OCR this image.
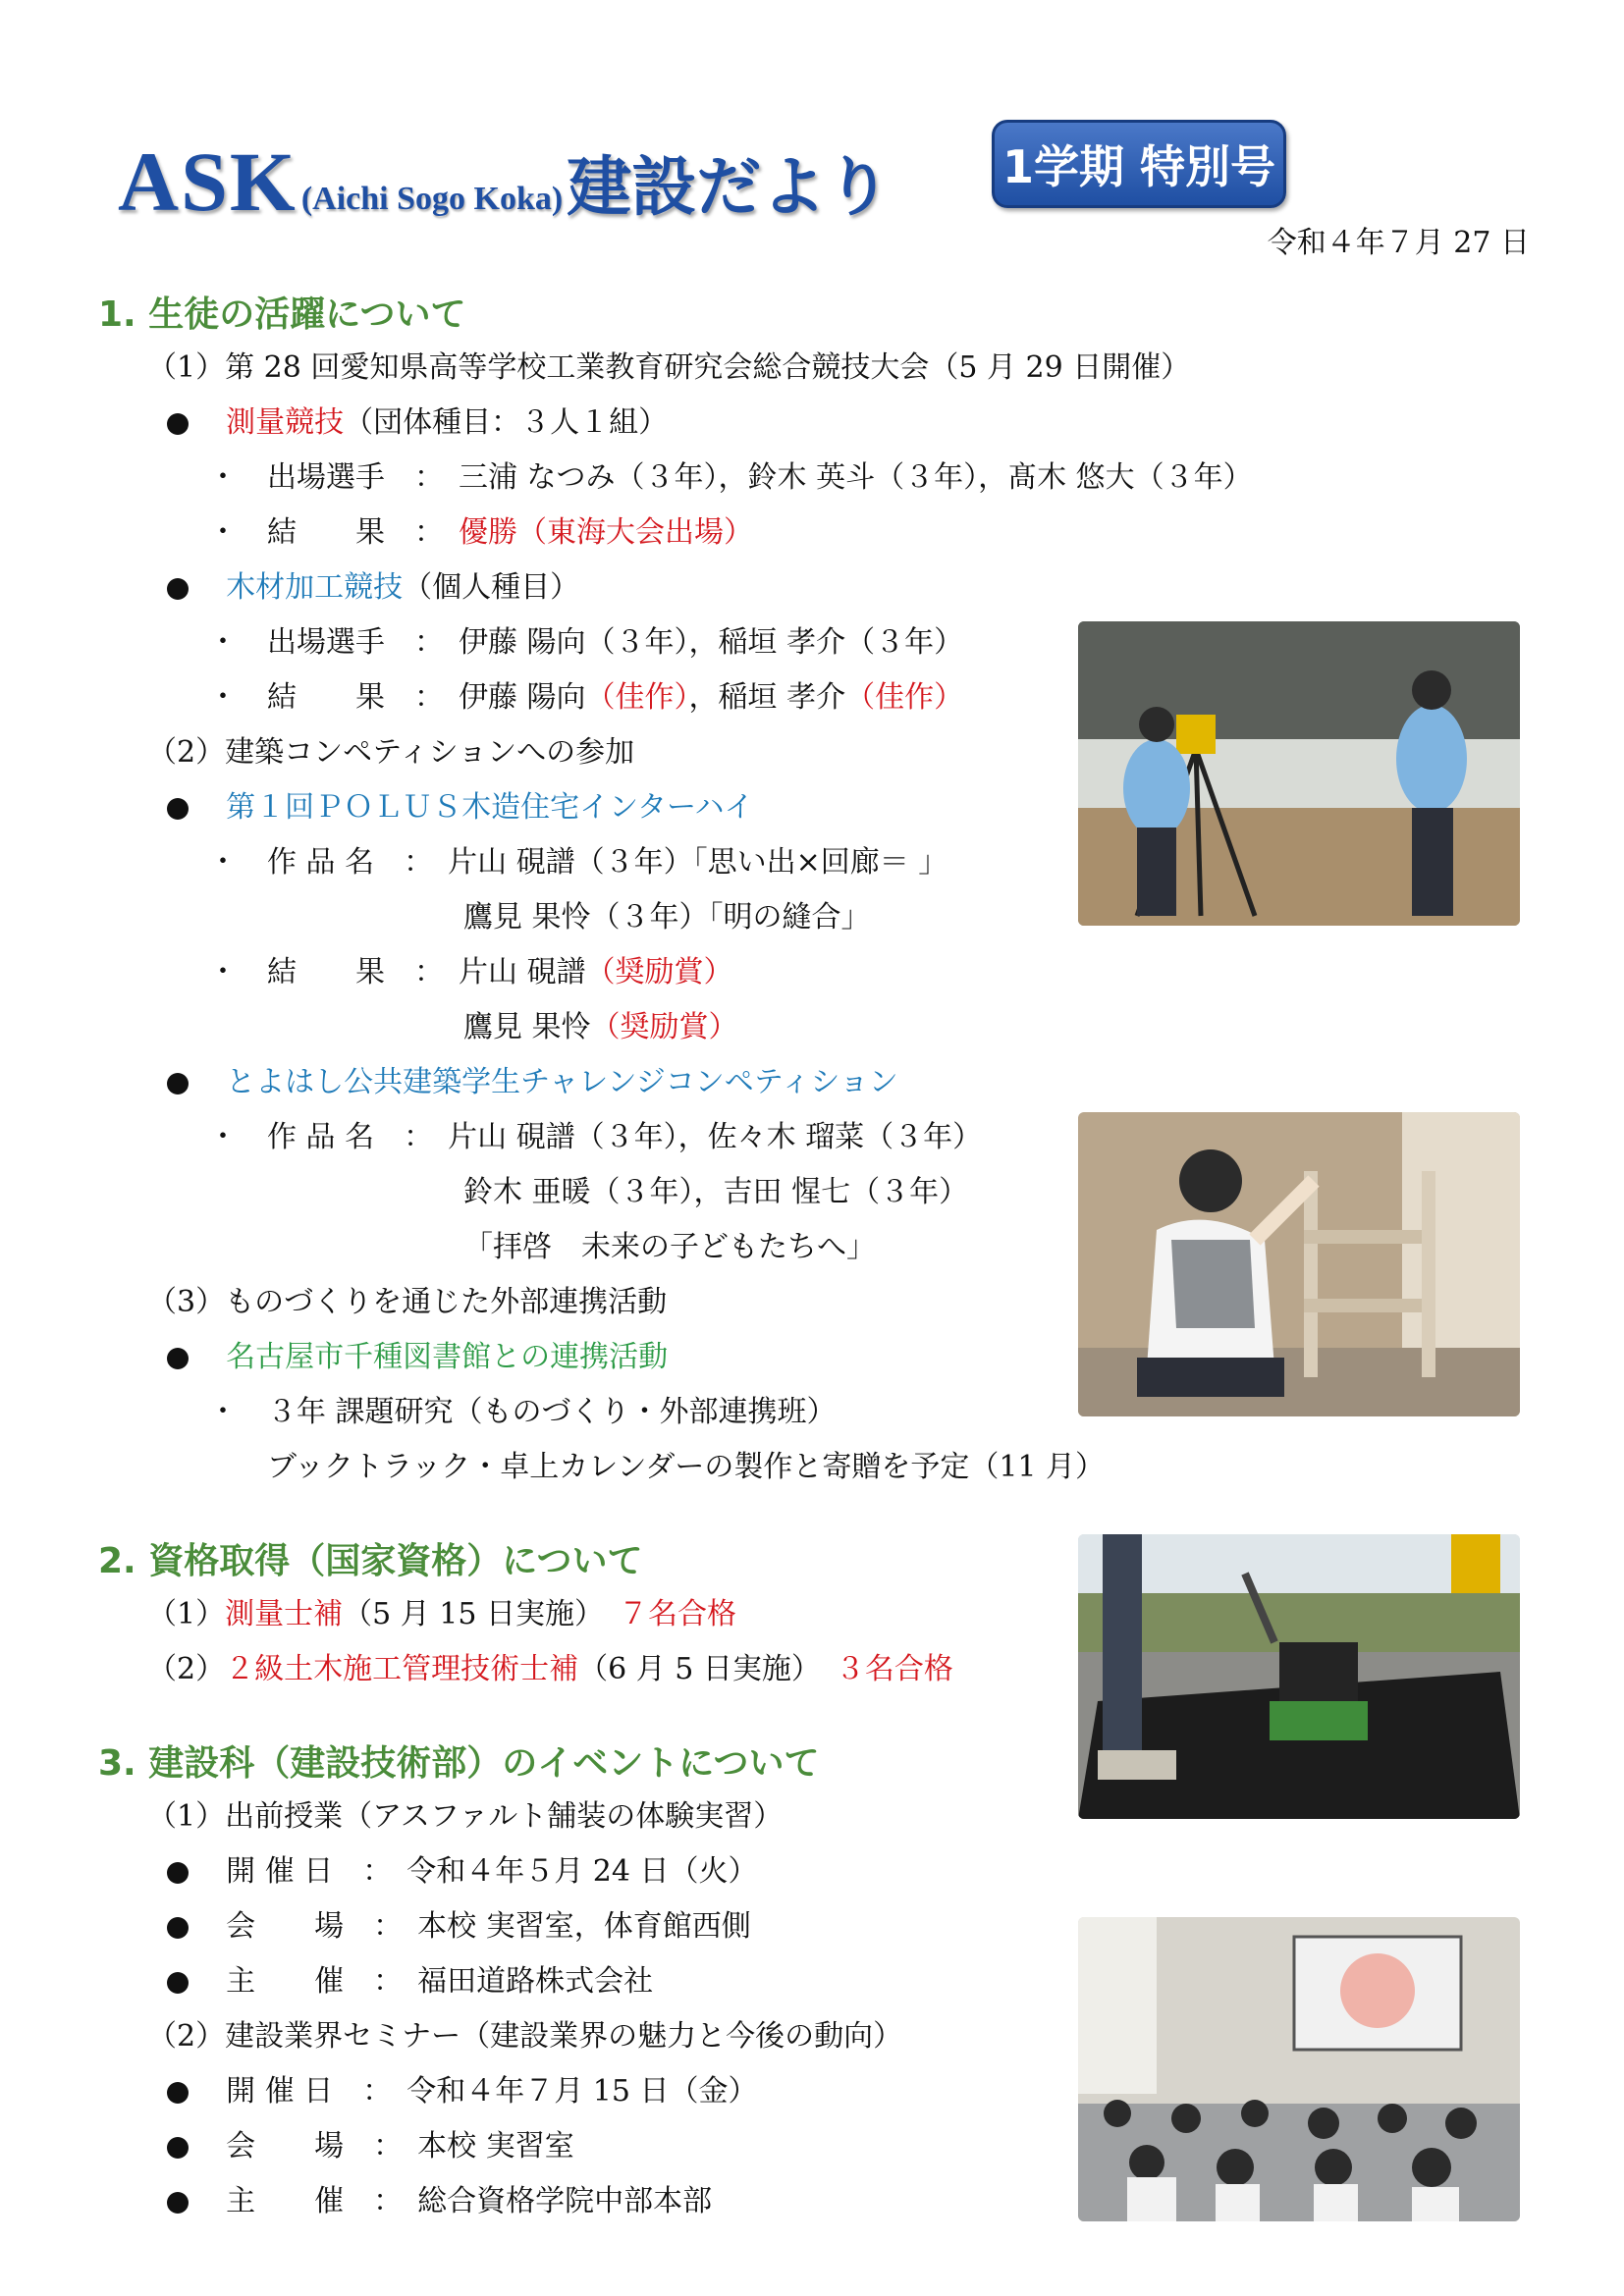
ASK (Aichi Sogo Koka) 建設だより 1学期 特別号
令和４年７月 27 日
1. 生徒の活躍について
（1）第 28 回愛知県高等学校工業教育研究会総合競技大会（5 月 29 日開催）
測量競技（団体種目：３人１組）
・　出場選手　：　三浦 なつみ（３年），鈴木 英斗（３年），髙木 悠大（３年）
・　結　　果　：　 優勝（東海大会出場）
木材加工競技（個人種目）
・　出場選手　：　伊藤 陽向（３年），稲垣 孝介（３年）
・　結　　果　：　伊藤 陽向（佳作），稲垣 孝介（佳作）
（2）建築コンペティションへの参加
第１回ＰＯＬＵＳ木造住宅インターハイ
・　作 品 名　：　片山 硯譜（３年）「思い出×回廊＝ 」
鷹見 果怜（３年）「明の縫合」
・　結　　果　：　片山 硯譜（奨励賞）
鷹見 果怜（奨励賞）
とよはし公共建築学生チャレンジコンペティション
・　作 品 名　：　片山 硯譜（３年），佐々木 瑠菜（３年）
鈴木 亜暖（３年），吉田 惺七（３年）
「拝啓　未来の子どもたちへ」
（3）ものづくりを通じた外部連携活動
名古屋市千種図書館との連携活動
・　３年 課題研究（ものづくり・外部連携班）
ブックトラック・卓上カレンダーの製作と寄贈を予定（11 月）
2. 資格取得（国家資格）について
（1）測量士補（5 月 15 日実施）　 ７名合格
（2）２級土木施工管理技術士補（6 月 5 日実施）　 ３名合格
3. 建設科（建設技術部）のイベントについて
（1）出前授業（アスファルト舗装の体験実習）
開 催 日　：　令和４年５月 24 日（火）
会　　場　：　本校 実習室，体育館西側
主　　催　：　福田道路株式会社
（2）建設業界セミナー（建設業界の魅力と今後の動向）
開 催 日　：　令和４年７月 15 日（金）
会　　場　：　本校 実習室
主　　催　：　総合資格学院中部本部
